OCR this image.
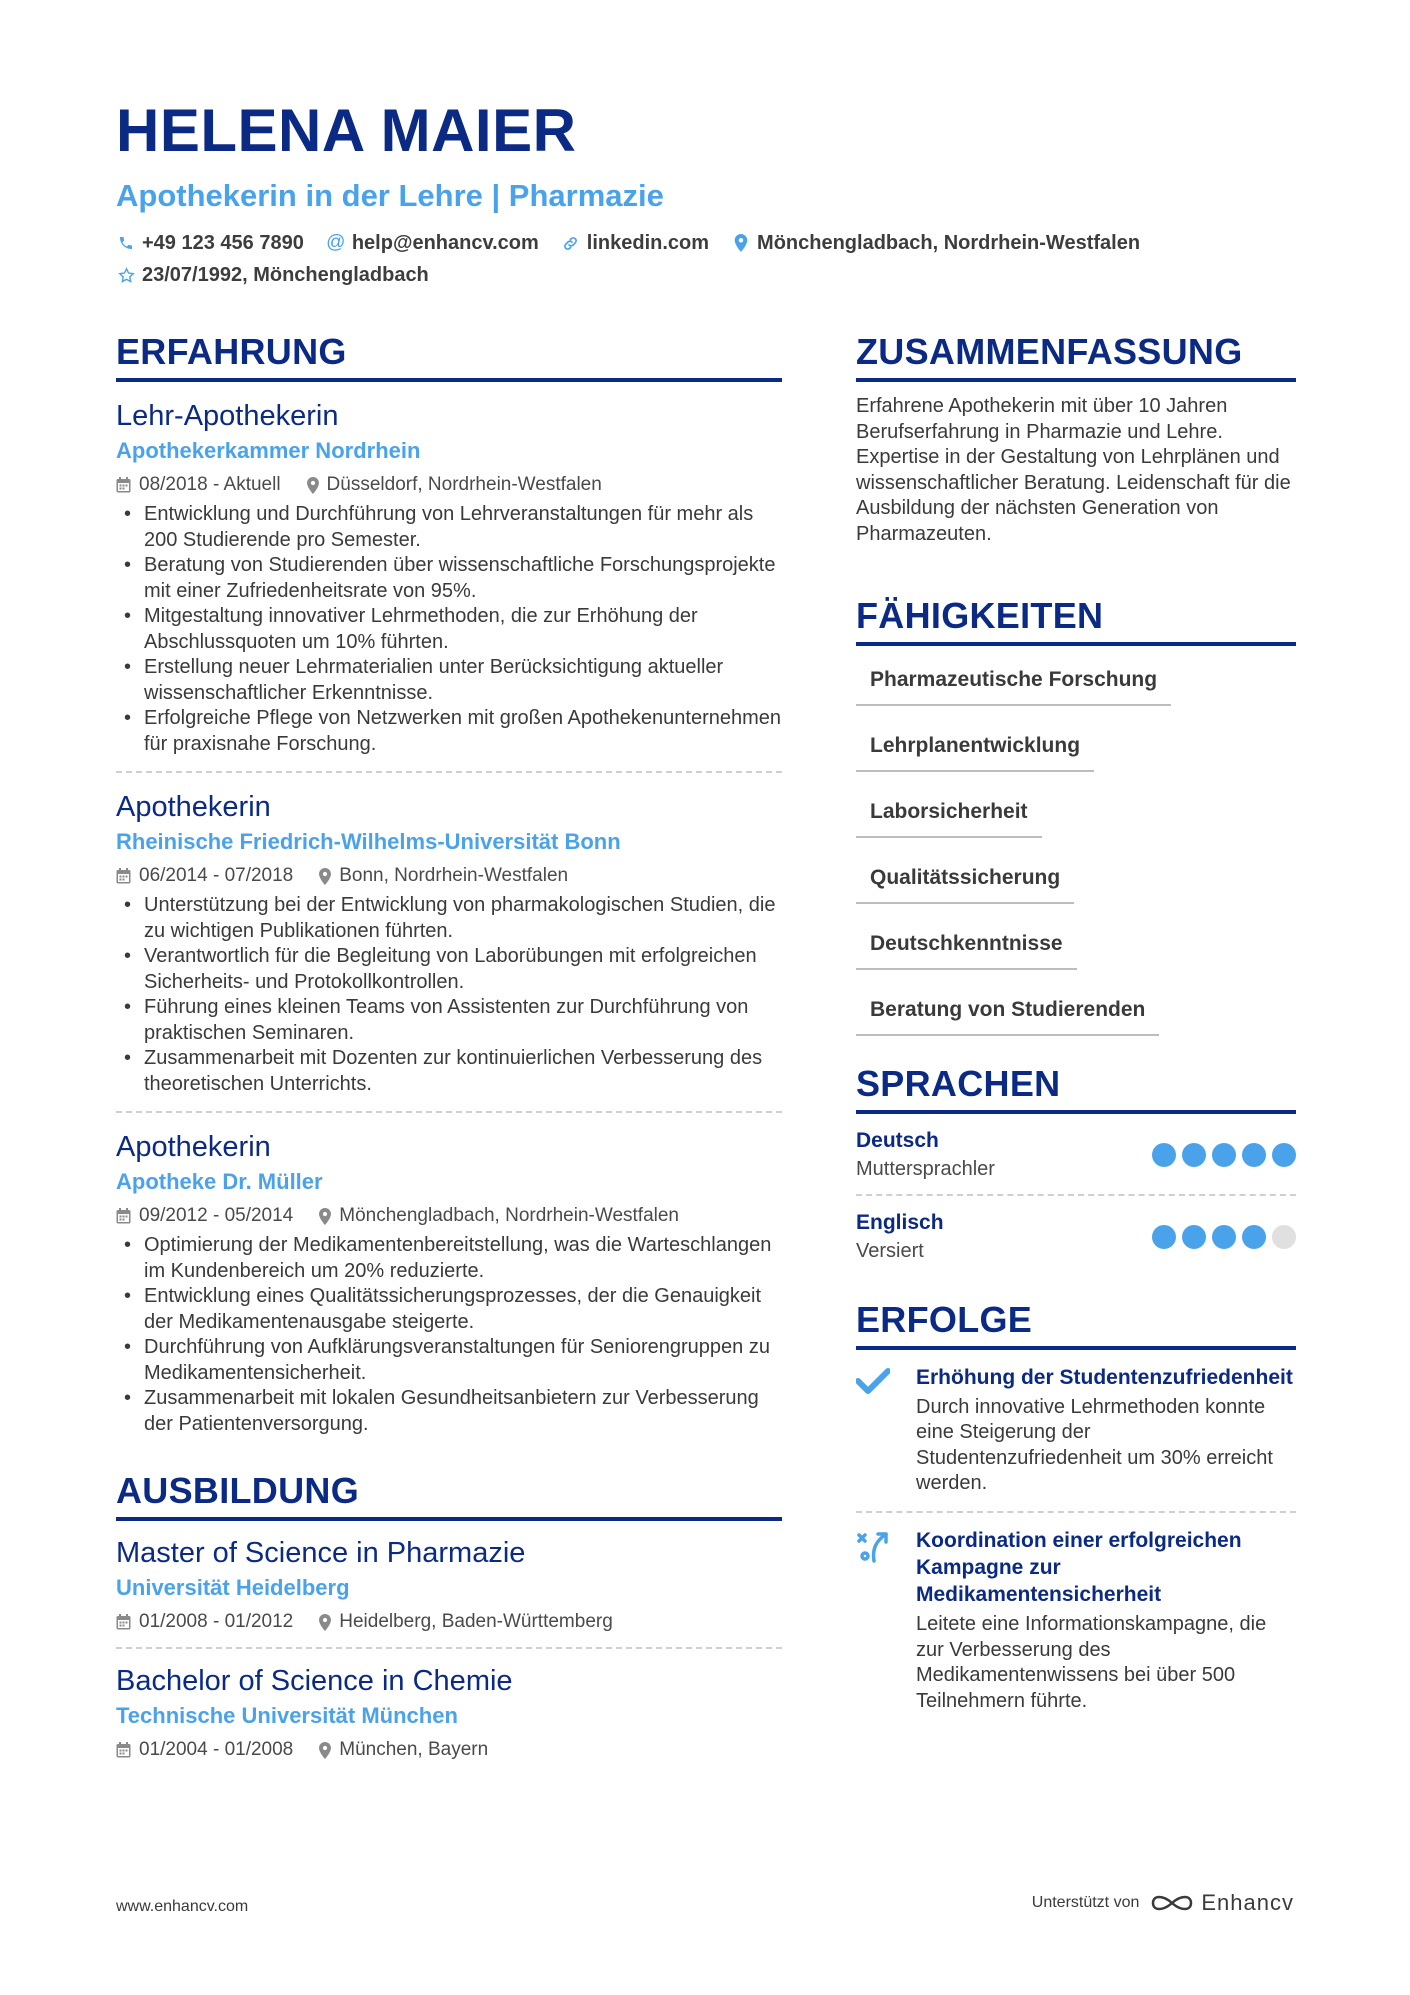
HELENA MAIER
Apothekerin in der Lehre | Pharmazie
+49 123 456 7890 @ help@enhancv.com linkedin.com Mönchengladbach, Nordrhein-Westfalen
23/07/1992, Mönchengladbach
ERFAHRUNG
Lehr-Apothekerin
Apothekerkammer Nordrhein
08/2018 - Aktuell Düsseldorf, Nordrhein-Westfalen
• Entwicklung und Durchführung von Lehrveranstaltungen für mehr als 200 Studierende pro Semester.
• Beratung von Studierenden über wissenschaftliche Forschungsprojekte mit einer Zufriedenheitsrate von 95%.
• Mitgestaltung innovativer Lehrmethoden, die zur Erhöhung der Abschlussquoten um 10% führten.
• Erstellung neuer Lehrmaterialien unter Berücksichtigung aktueller wissenschaftlicher Erkenntnisse.
• Erfolgreiche Pflege von Netzwerken mit großen Apothekenunternehmen für praxisnahe Forschung.
Apothekerin
Rheinische Friedrich-Wilhelms-Universität Bonn
06/2014 - 07/2018 Bonn, Nordrhein-Westfalen
• Unterstützung bei der Entwicklung von pharmakologischen Studien, die zu wichtigen Publikationen führten.
• Verantwortlich für die Begleitung von Laborübungen mit erfolgreichen Sicherheits- und Protokollkontrollen.
• Führung eines kleinen Teams von Assistenten zur Durchführung von praktischen Seminaren.
• Zusammenarbeit mit Dozenten zur kontinuierlichen Verbesserung des theoretischen Unterrichts.
Apothekerin
Apotheke Dr. Müller
09/2012 - 05/2014 Mönchengladbach, Nordrhein-Westfalen
• Optimierung der Medikamentenbereitstellung, was die Warteschlangen im Kundenbereich um 20% reduzierte.
• Entwicklung eines Qualitätssicherungsprozesses, der die Genauigkeit der Medikamentenausgabe steigerte.
• Durchführung von Aufklärungsveranstaltungen für Seniorengruppen zu Medikamentensicherheit.
• Zusammenarbeit mit lokalen Gesundheitsanbietern zur Verbesserung der Patientenversorgung.
AUSBILDUNG
Master of Science in Pharmazie
Universität Heidelberg
01/2008 - 01/2012 Heidelberg, Baden-Württemberg
Bachelor of Science in Chemie
Technische Universität München
01/2004 - 01/2008 München, Bayern
ZUSAMMENFASSUNG
Erfahrene Apothekerin mit über 10 Jahren Berufserfahrung in Pharmazie und Lehre. Expertise in der Gestaltung von Lehrplänen und wissenschaftlicher Beratung. Leidenschaft für die Ausbildung der nächsten Generation von Pharmazeuten.
FÄHIGKEITEN
Pharmazeutische Forschung
Lehrplanentwicklung
Laborsicherheit
Qualitätssicherung
Deutschkenntnisse
Beratung von Studierenden
SPRACHEN
Deutsch
Muttersprachler
Englisch
Versiert
ERFOLGE
Erhöhung der Studentenzufriedenheit
Durch innovative Lehrmethoden konnte eine Steigerung der Studentenzufriedenheit um 30% erreicht werden.
Koordination einer erfolgreichen Kampagne zur Medikamentensicherheit
Leitete eine Informationskampagne, die zur Verbesserung des Medikamentenwissens bei über 500 Teilnehmern führte.
www.enhancv.com	Unterstützt von	Enhancv
